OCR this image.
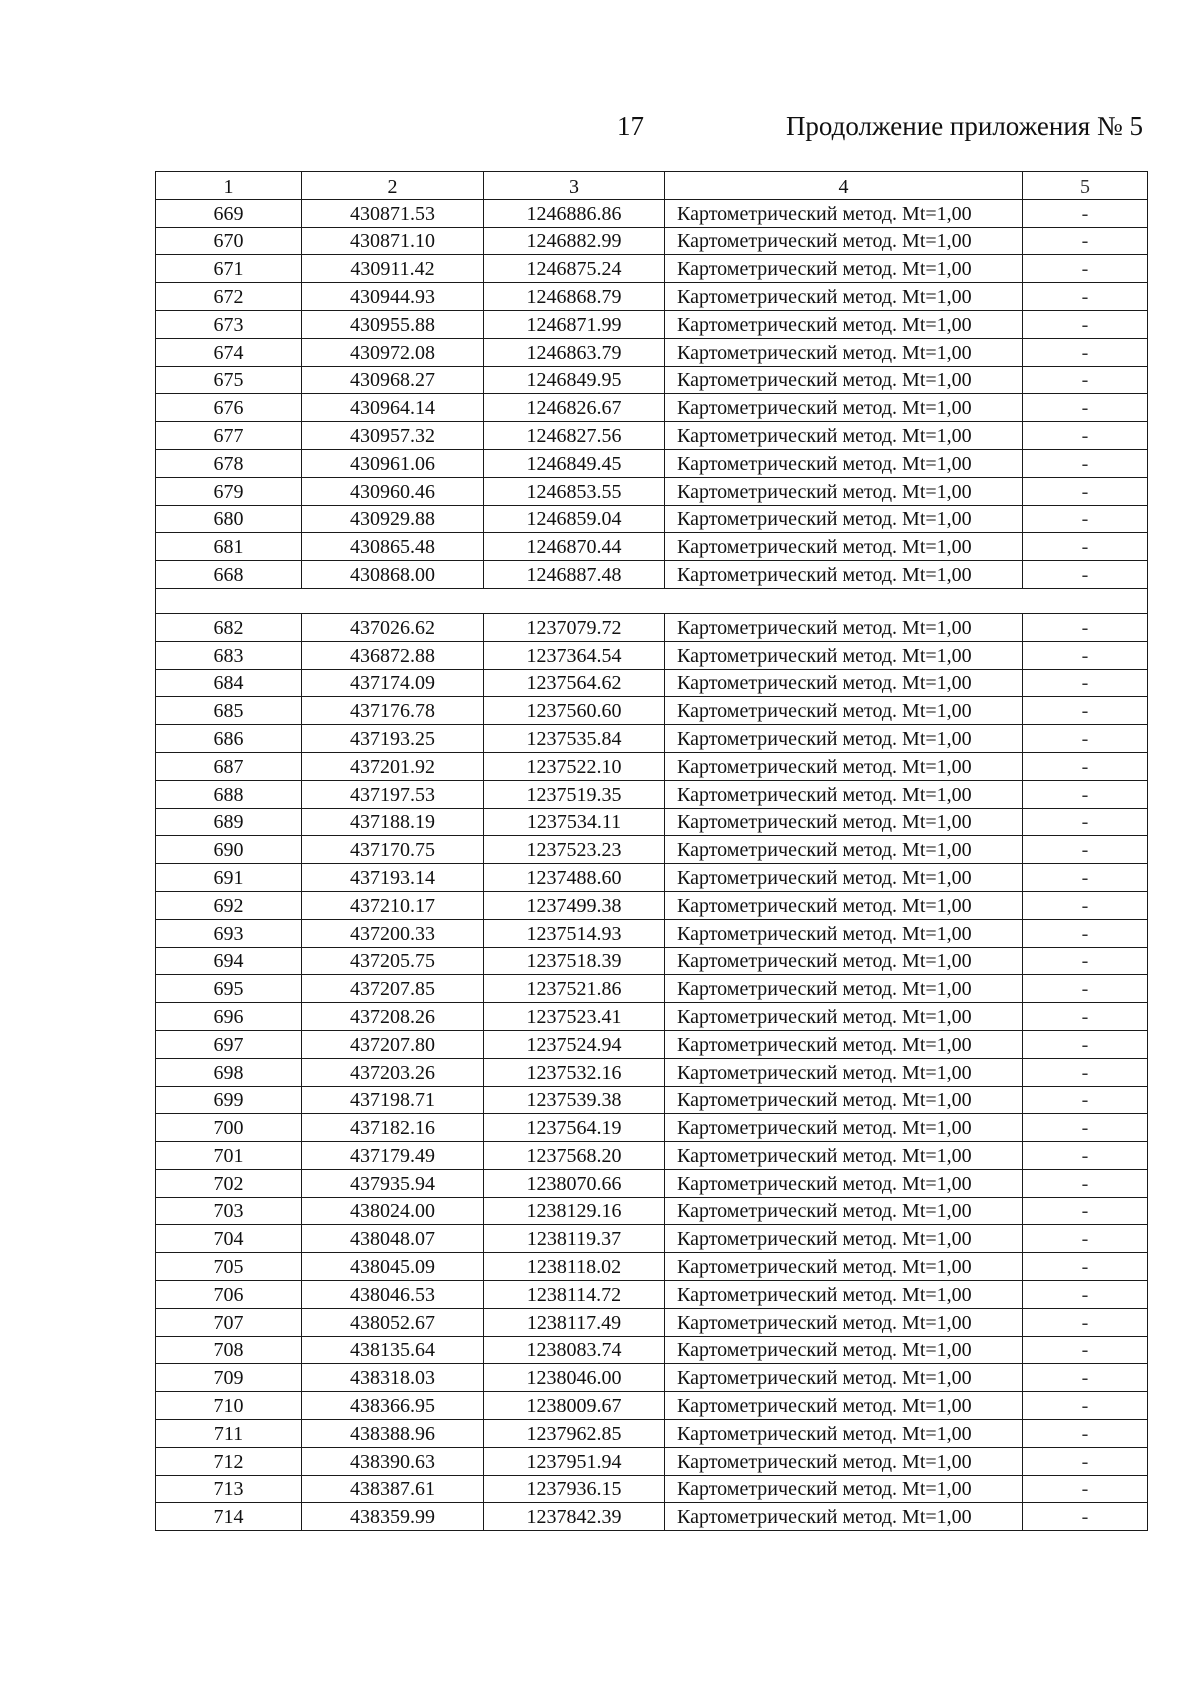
17	Продолжение приложения № 5
1	2	3	4	5
669	430871.53	1246886.86	Картометрический метод. Mt=1,00	-
670	430871.10	1246882.99	Картометрический метод. Mt=1,00	-
671	430911.42	1246875.24	Картометрический метод. Mt=1,00	-
672	430944.93	1246868.79	Картометрический метод. Mt=1,00	-
673	430955.88	1246871.99	Картометрический метод. Mt=1,00	-
674	430972.08	1246863.79	Картометрический метод. Mt=1,00	-
675	430968.27	1246849.95	Картометрический метод. Mt=1,00	-
676	430964.14	1246826.67	Картометрический метод. Mt=1,00	-
677	430957.32	1246827.56	Картометрический метод. Mt=1,00	-
678	430961.06	1246849.45	Картометрический метод. Mt=1,00	-
679	430960.46	1246853.55	Картометрический метод. Mt=1,00	-
680	430929.88	1246859.04	Картометрический метод. Mt=1,00	-
681	430865.48	1246870.44	Картометрический метод. Mt=1,00	-
668	430868.00	1246887.48	Картометрический метод. Mt=1,00	-

682	437026.62	1237079.72	Картометрический метод. Mt=1,00	-
683	436872.88	1237364.54	Картометрический метод. Mt=1,00	-
684	437174.09	1237564.62	Картометрический метод. Mt=1,00	-
685	437176.78	1237560.60	Картометрический метод. Mt=1,00	-
686	437193.25	1237535.84	Картометрический метод. Mt=1,00	-
687	437201.92	1237522.10	Картометрический метод. Mt=1,00	-
688	437197.53	1237519.35	Картометрический метод. Mt=1,00	-
689	437188.19	1237534.11	Картометрический метод. Mt=1,00	-
690	437170.75	1237523.23	Картометрический метод. Mt=1,00	-
691	437193.14	1237488.60	Картометрический метод. Mt=1,00	-
692	437210.17	1237499.38	Картометрический метод. Mt=1,00	-
693	437200.33	1237514.93	Картометрический метод. Mt=1,00	-
694	437205.75	1237518.39	Картометрический метод. Mt=1,00	-
695	437207.85	1237521.86	Картометрический метод. Mt=1,00	-
696	437208.26	1237523.41	Картометрический метод. Mt=1,00	-
697	437207.80	1237524.94	Картометрический метод. Mt=1,00	-
698	437203.26	1237532.16	Картометрический метод. Mt=1,00	-
699	437198.71	1237539.38	Картометрический метод. Mt=1,00	-
700	437182.16	1237564.19	Картометрический метод. Mt=1,00	-
701	437179.49	1237568.20	Картометрический метод. Mt=1,00	-
702	437935.94	1238070.66	Картометрический метод. Mt=1,00	-
703	438024.00	1238129.16	Картометрический метод. Mt=1,00	-
704	438048.07	1238119.37	Картометрический метод. Mt=1,00	-
705	438045.09	1238118.02	Картометрический метод. Mt=1,00	-
706	438046.53	1238114.72	Картометрический метод. Mt=1,00	-
707	438052.67	1238117.49	Картометрический метод. Mt=1,00	-
708	438135.64	1238083.74	Картометрический метод. Mt=1,00	-
709	438318.03	1238046.00	Картометрический метод. Mt=1,00	-
710	438366.95	1238009.67	Картометрический метод. Mt=1,00	-
711	438388.96	1237962.85	Картометрический метод. Mt=1,00	-
712	438390.63	1237951.94	Картометрический метод. Mt=1,00	-
713	438387.61	1237936.15	Картометрический метод. Mt=1,00	-
714	438359.99	1237842.39	Картометрический метод. Mt=1,00	-
